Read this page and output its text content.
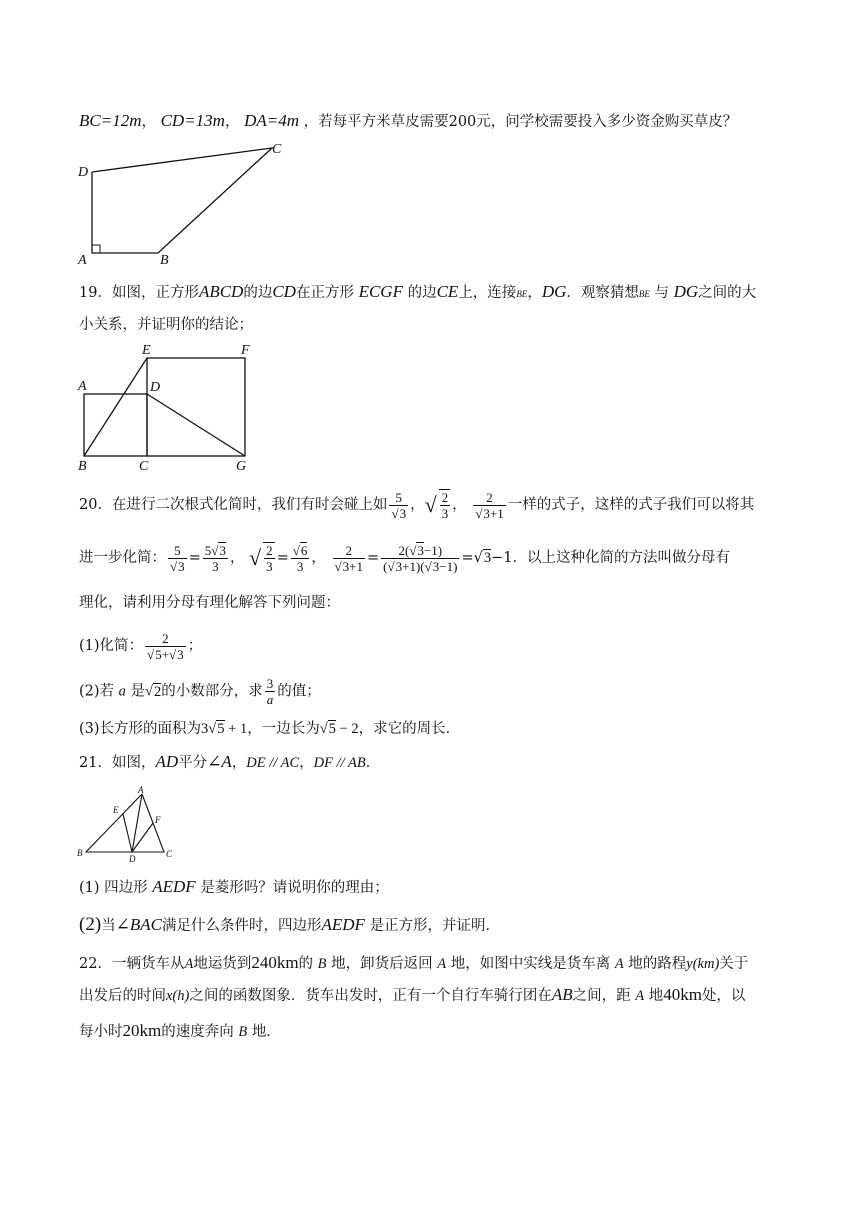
BC=12m， CD=13m， DA=4m ，若每平方米草皮需要200元，问学校需要投入多少资金购买草皮？
D
C
A	B
19．如图，正方形ABCD的边CD在正方形 ECGF 的边CE上，连接BE，DG．观察猜想BE 与 DG之间的大
小关系，并证明你的结论；
E	F
A	D
B	C	G
20．在进行二次根式化简时，我们有时会碰上如 $\frac{5}{√3}$ ，√ $\frac{2}{3}$ ， $\frac{2}{√3+1}$ 一样的式子，这样的式子我们可以将其
进一步化简： $\frac{5}{√3} = \frac{5√3}{3}$ ， √ $\frac{2}{3} = \frac{√6}{3}$ ， $\frac{2}{√3+1} = \frac{2(√3-1)}{(√3+1)(√3-1)} =√3-1$．以上这种化简的方法叫做分母有
理化，请利用分母有理化解答下列问题：
(1)化简： $\frac{2}{√5+√3}$ ；
(2)若 a 是√2的小数部分，求 $\frac{3}{a}$ 的值；
(3)长方形的面积为3√5 + 1，一边长为√5 − 2，求它的周长．
21．如图，AD平分∠A，DE // AC，DF // AB．
A
E
F
B
D	C
(1) 四边形 AEDF 是菱形吗？请说明你的理由；
(2)当∠BAC满足什么条件时，四边形AEDF 是正方形，并证明．
22．一辆货车从A地运货到240km的 B 地，卸货后返回 A 地，如图中实线是货车离 A 地的路程y(km)关于
出发后的时间x(h)之间的函数图象．货车出发时，正有一个自行车骑行团在AB之间，距 A 地40km处，以
每小时20km的速度奔向 B 地．
